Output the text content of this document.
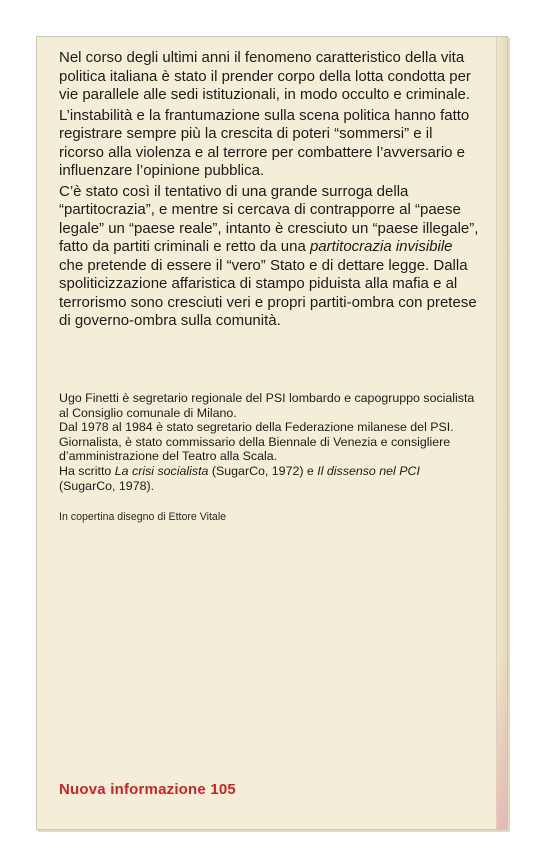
Nel corso degli ultimi anni il fenomeno caratteristico della vita politica italiana è stato il prender corpo della lotta condotta per vie parallele alle sedi istituzionali, in modo occulto e criminale.

L’instabilità e la frantumazione sulla scena politica hanno fatto registrare sempre più la crescita di poteri “sommersi” e il ricorso alla violenza e al terrore per combattere l’avversario e influenzare l’opinione pubblica.

C’è stato così il tentativo di una grande surroga della “partitocrazia”, e mentre si cercava di contrapporre al “paese legale” un “paese reale”, intanto è cresciuto un “paese illegale”, fatto da partiti criminali e retto da una partitocrazia invisibile che pretende di essere il “vero” Stato e di dettare legge. Dalla spoliticizzazione affaristica di stampo piduista alla mafia e al terrorismo sono cresciuti veri e propri partiti-ombra con pretese di governo-ombra sulla comunità.

Ugo Finetti è segretario regionale del PSI lombardo e capogruppo socialista al Consiglio comunale di Milano.

Dal 1978 al 1984 è stato segretario della Federazione milanese del PSI. Giornalista, è stato commissario della Biennale di Venezia e consigliere d’amministrazione del Teatro alla Scala.

Ha scritto La crisi socialista (SugarCo, 1972) e Il dissenso nel PCI (SugarCo, 1978).

In copertina disegno di Ettore Vitale
Nuova informazione 105
